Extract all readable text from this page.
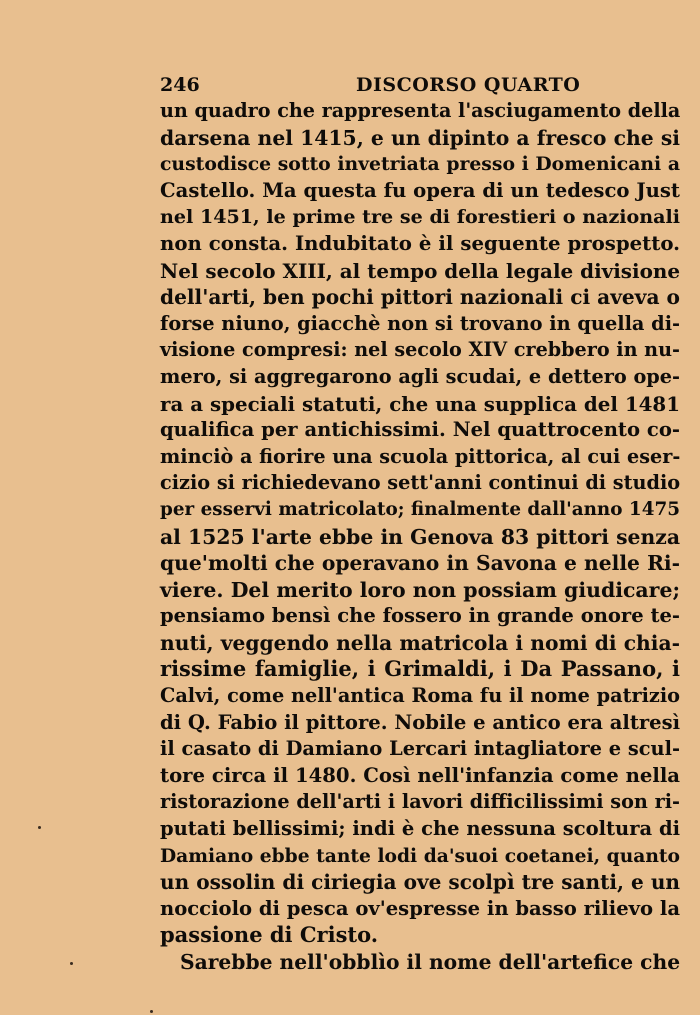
246	DISCORSO QUARTO
un quadro che rappresenta l'asciugamento della
darsena nel 1415, e un dipinto a fresco che si
custodisce sotto invetriata presso i Domenicani a
Castello. Ma questa fu opera di un tedesco Just
nel 1451, le prime tre se di forestieri o nazionali
non consta. Indubitato è il seguente prospetto.
Nel secolo XIII, al tempo della legale divisione
dell'arti, ben pochi pittori nazionali ci aveva o
forse niuno, giacchè non si trovano in quella di-
visione compresi: nel secolo XIV crebbero in nu-
mero, si aggregarono agli scudai, e dettero ope-
ra a speciali statuti, che una supplica del 1481
qualifica per antichissimi. Nel quattrocento co-
minciò a fiorire una scuola pittorica, al cui eser-
cizio si richiedevano sett'anni continui di studio
per esservi matricolato; finalmente dall'anno 1475
al 1525 l'arte ebbe in Genova 83 pittori senza
que'molti che operavano in Savona e nelle Ri-
viere. Del merito loro non possiam giudicare;
pensiamo bensì che fossero in grande onore te-
nuti, veggendo nella matricola i nomi di chia-
rissime famiglie, i Grimaldi, i Da Passano, i
Calvi, come nell'antica Roma fu il nome patrizio
di Q. Fabio il pittore. Nobile e antico era altresì
il casato di Damiano Lercari intagliatore e scul-
tore circa il 1480. Così nell'infanzia come nella
ristorazione dell'arti i lavori difficilissimi son ri-
putati bellissimi; indi è che nessuna scoltura di
Damiano ebbe tante lodi da'suoi coetanei, quanto
un ossolin di ciriegia ove scolpì tre santi, e un
nocciolo di pesca ov'espresse in basso rilievo la
passione di Cristo.
Sarebbe nell'obblìo il nome dell'artefice che
